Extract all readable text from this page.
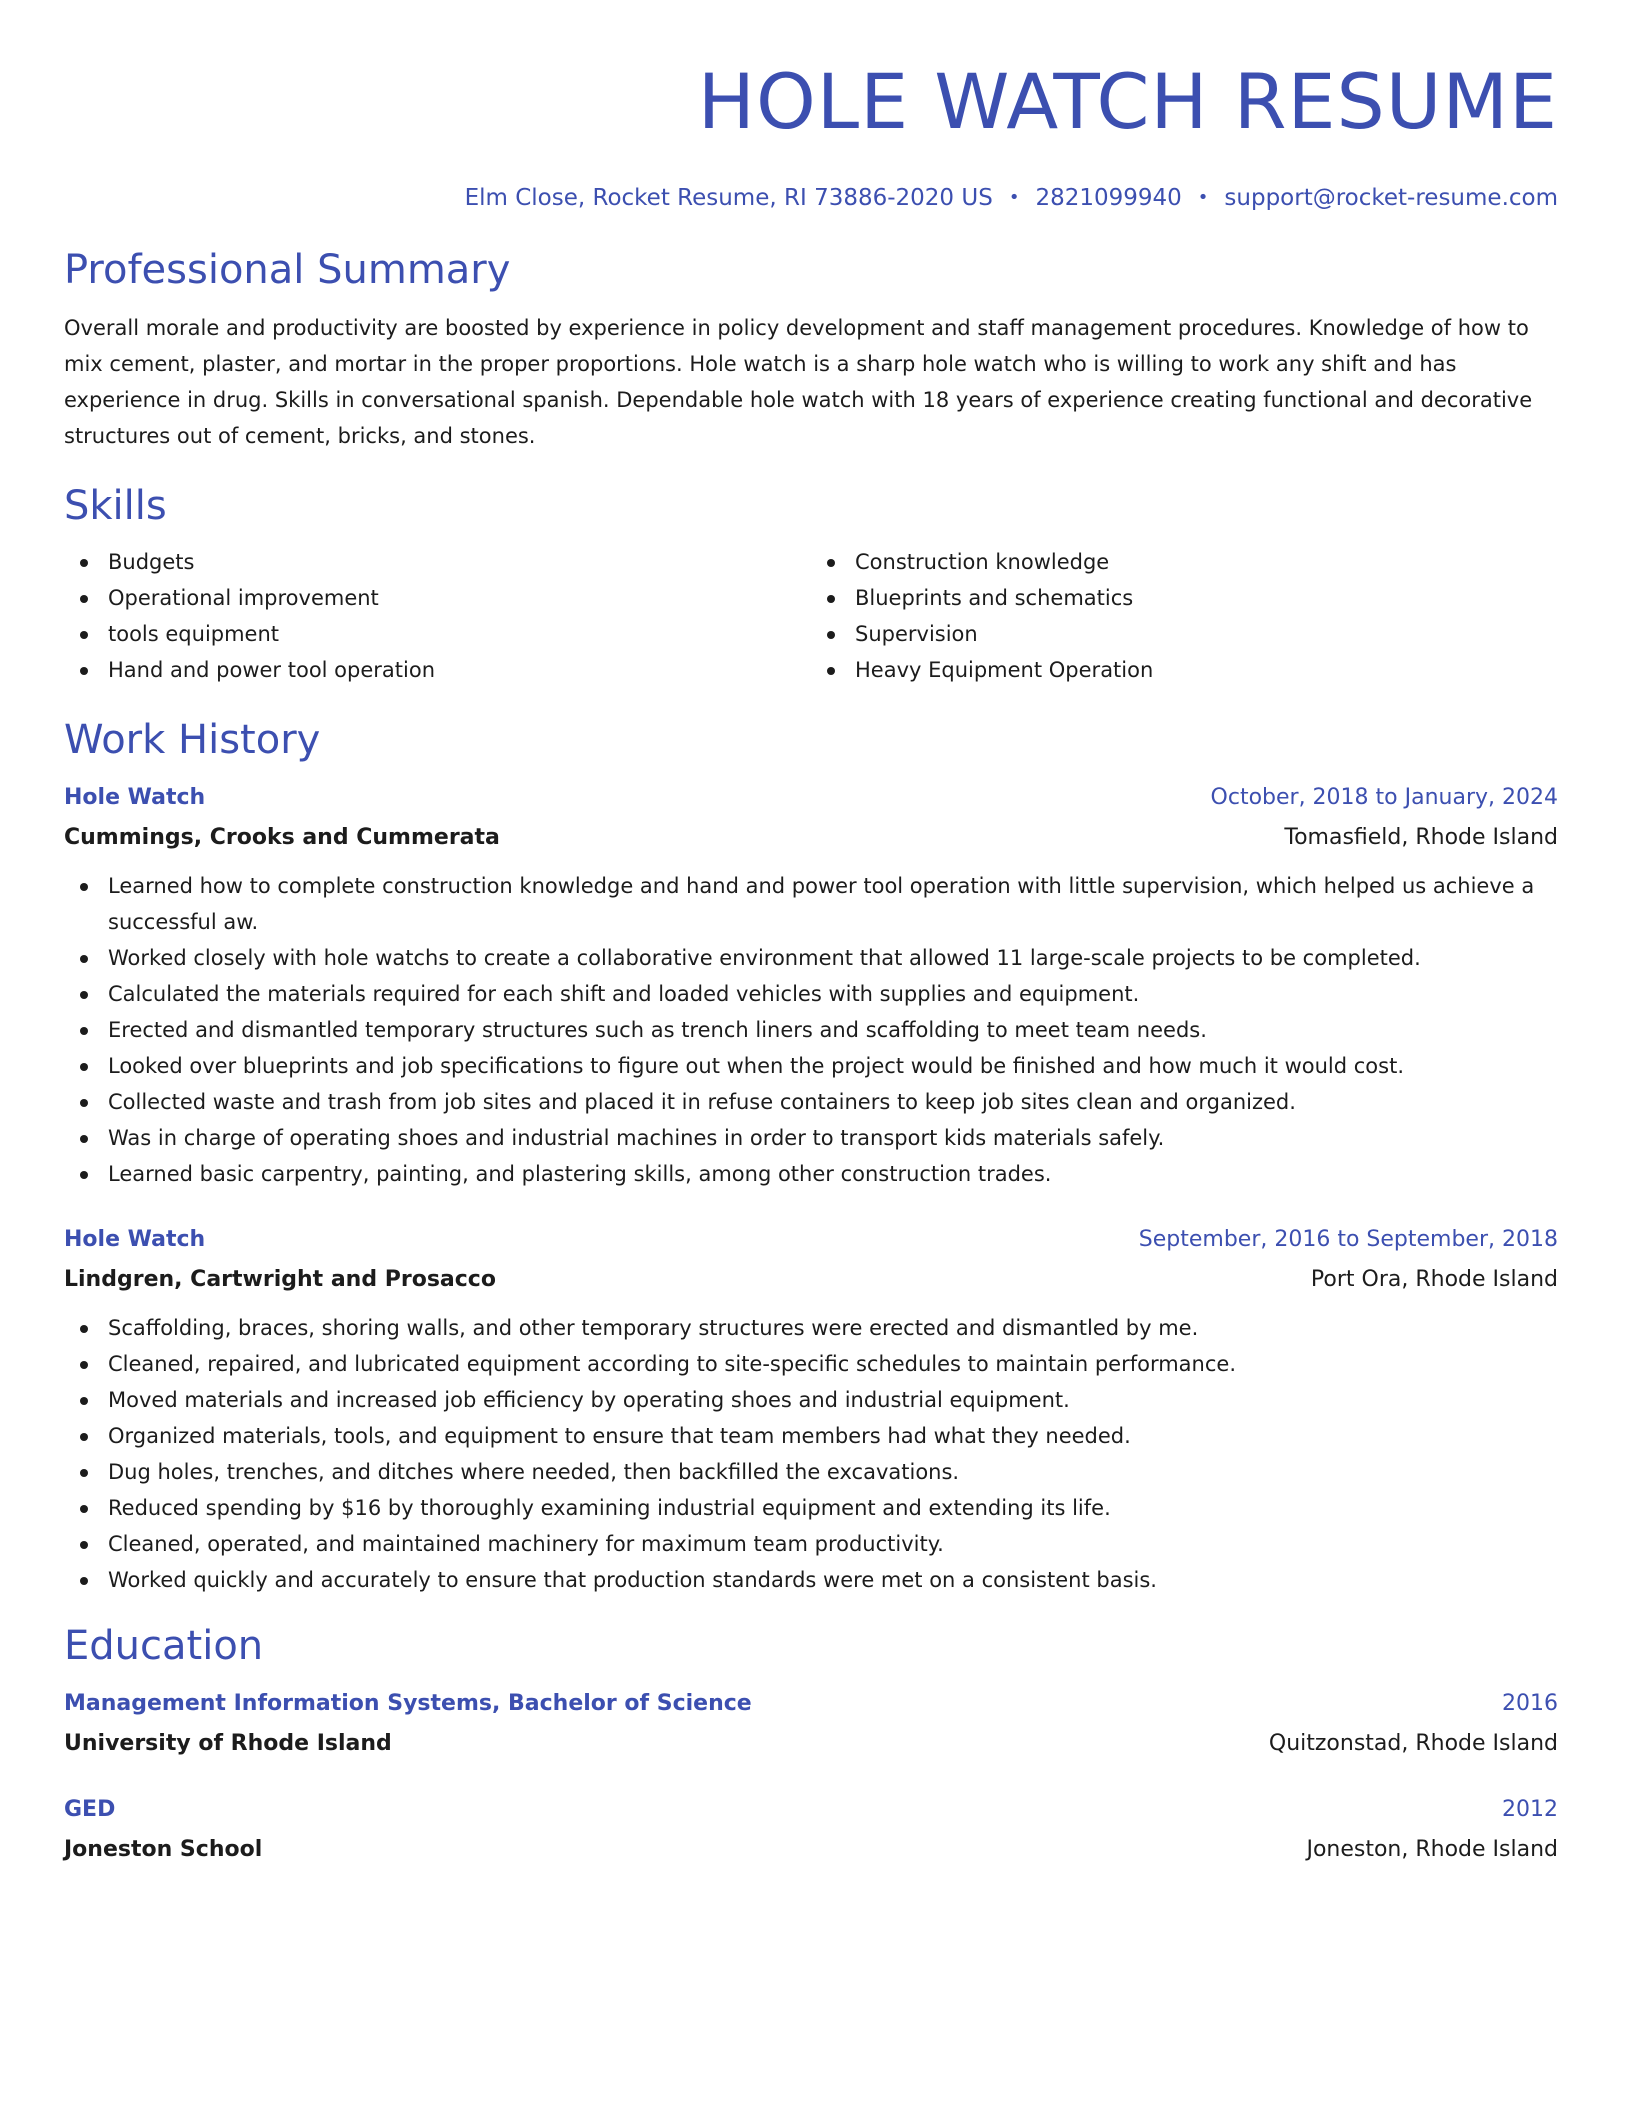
HOLE WATCH RESUME
Elm Close, Rocket Resume, RI 73886-2020 US • 2821099940 • support@rocket-resume.com
Professional Summary
Overall morale and productivity are boosted by experience in policy development and staff management procedures. Knowledge of how to mix cement, plaster, and mortar in the proper proportions. Hole watch is a sharp hole watch who is willing to work any shift and has experience in drug. Skills in conversational spanish. Dependable hole watch with 18 years of experience creating functional and decorative structures out of cement, bricks, and stones.
Skills
Budgets
Operational improvement
tools equipment
Hand and power tool operation
Construction knowledge
Blueprints and schematics
Supervision
Heavy Equipment Operation
Work History
Hole Watch	October, 2018 to January, 2024
Cummings, Crooks and Cummerata	Tomasfield, Rhode Island
Learned how to complete construction knowledge and hand and power tool operation with little supervision, which helped us achieve a successful aw.
Worked closely with hole watchs to create a collaborative environment that allowed 11 large-scale projects to be completed.
Calculated the materials required for each shift and loaded vehicles with supplies and equipment.
Erected and dismantled temporary structures such as trench liners and scaffolding to meet team needs.
Looked over blueprints and job specifications to figure out when the project would be finished and how much it would cost.
Collected waste and trash from job sites and placed it in refuse containers to keep job sites clean and organized.
Was in charge of operating shoes and industrial machines in order to transport kids materials safely.
Learned basic carpentry, painting, and plastering skills, among other construction trades.
Hole Watch	September, 2016 to September, 2018
Lindgren, Cartwright and Prosacco	Port Ora, Rhode Island
Scaffolding, braces, shoring walls, and other temporary structures were erected and dismantled by me.
Cleaned, repaired, and lubricated equipment according to site-specific schedules to maintain performance.
Moved materials and increased job efficiency by operating shoes and industrial equipment.
Organized materials, tools, and equipment to ensure that team members had what they needed.
Dug holes, trenches, and ditches where needed, then backfilled the excavations.
Reduced spending by $16 by thoroughly examining industrial equipment and extending its life.
Cleaned, operated, and maintained machinery for maximum team productivity.
Worked quickly and accurately to ensure that production standards were met on a consistent basis.
Education
Management Information Systems, Bachelor of Science	2016
University of Rhode Island	Quitzonstad, Rhode Island
GED	2012
Joneston School	Joneston, Rhode Island
